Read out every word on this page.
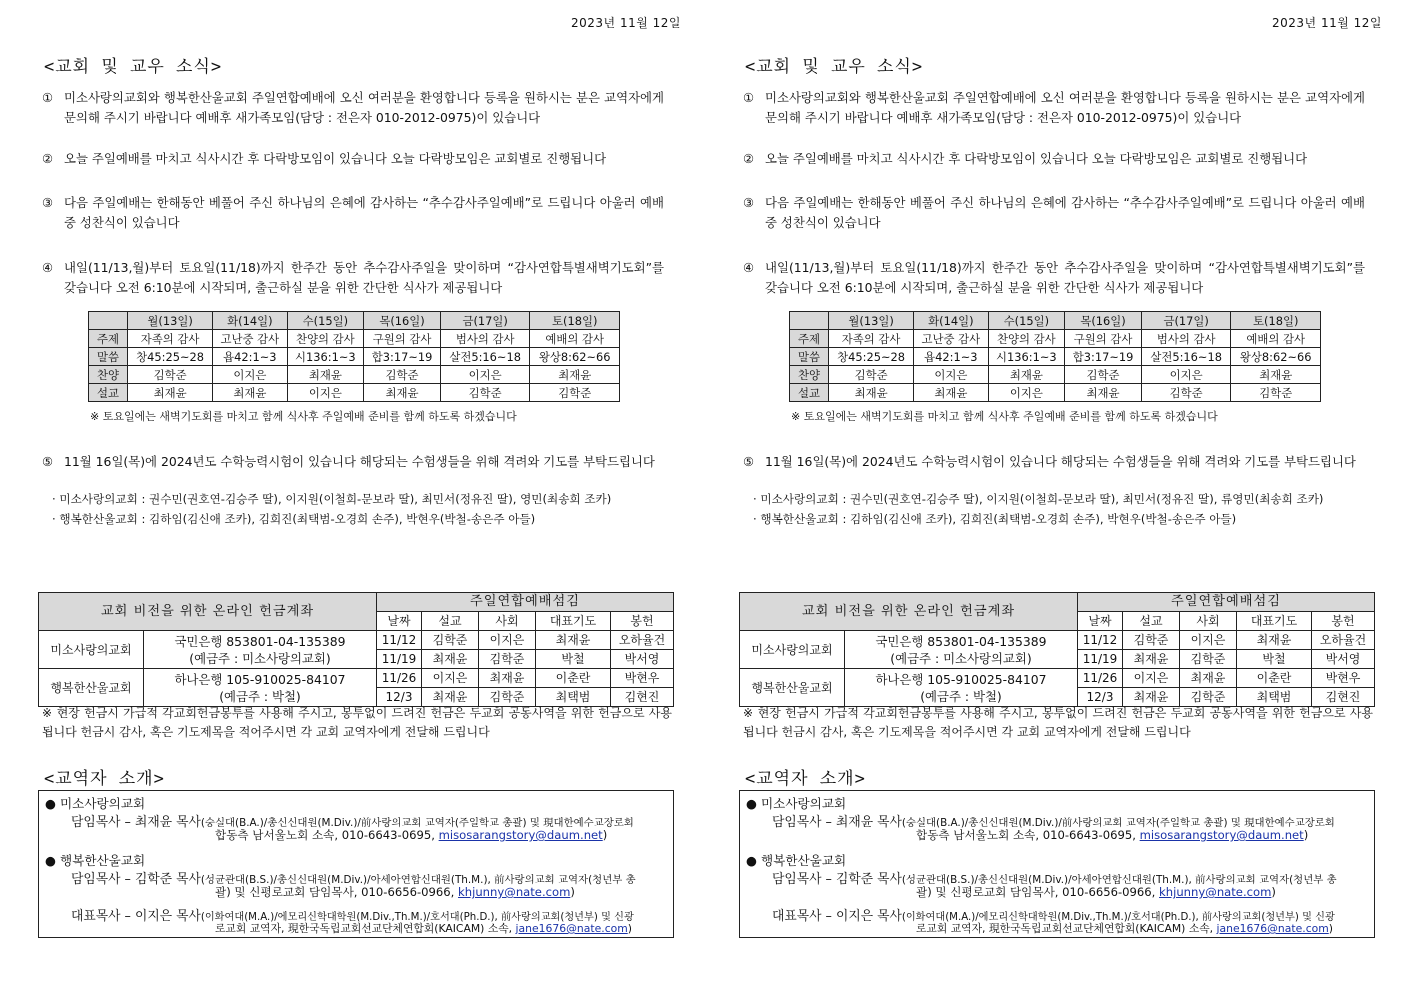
2023년 11월 12일
<교회 및 교우 소식>
① 미소사랑의교회와 행복한산울교회 주일연합예배에 오신 여러분을 환영합니다 등록을 원하시는 분은 교역자에게 문의해 주시기 바랍니다 예배후 새가족모임(담당 : 전은자 010-2012-0975)이 있습니다
② 오늘 주일예배를 마치고 식사시간 후 다락방모임이 있습니다 오늘 다락방모임은 교회별로 진행됩니다
③ 다음 주일예배는 한해동안 베풀어 주신 하나님의 은혜에 감사하는 “추수감사주일예배”로 드립니다 아울러 예배중 성찬식이 있습니다
④ 내일(11/13,월)부터 토요일(11/18)까지 한주간 동안 추수감사주일을 맞이하며 “감사연합특별새벽기도회”를 갖습니다 오전 6:10분에 시작되며, 출근하실 분을 위한 간단한 식사가 제공됩니다
	월(13일)	화(14일)	수(15일)	목(16일)	금(17일)	토(18일)
주제	자족의 감사	고난중 감사	찬양의 감사	구원의 감사	범사의 감사	예배의 감사
말씀	창45:25~28	욥42:1~3	시136:1~3	합3:17~19	살전5:16~18	왕상8:62~66
찬양	김학준	이지은	최재윤	김학준	이지은	최재윤
설교	최재윤	최재윤	이지은	최재윤	김학준	김학준
※ 토요일에는 새벽기도회를 마치고 함께 식사후 주일예배 준비를 함께 하도록 하겠습니다
⑤ 11월 16일(목)에 2024년도 수학능력시험이 있습니다 해당되는 수험생들을 위해 격려와 기도를 부탁드립니다
· 미소사랑의교회 : 권수민(권호연-김승주 딸), 이지원(이철희-문보라 딸), 최민서(정유진 딸), 영민(최송희 조카)
· 행복한산울교회 : 김하임(김신애 조카), 김희진(최택범-오경희 손주), 박현우(박철-송은주 아들)
교회 비전을 위한 온라인 헌금계좌		주일연합예배섬김				
		날짜	설교	사회	대표기도	봉헌
미소사랑의교회	국민은행 853801-04-135389
(예금주 : 미소사랑의교회)	11/12	김학준	이지은	최재윤	오하율건
		11/19	최재윤	김학준	박철	박서영
행복한산울교회	하나은행 105-910025-84107
(예금주 : 박철)	11/26	이지은	최재윤	이춘란	박현우
		12/3	최재윤	김학준	최택범	김현진
※ 현장 헌금시 가급적 각교회헌금봉투를 사용해 주시고, 봉투없이 드려진 헌금은 두교회 공동사역을 위한 헌금으로 사용됩니다 헌금시 감사, 혹은 기도제목을 적어주시면 각 교회 교역자에게 전달해 드립니다
<교역자 소개>
● 미소사랑의교회
담임목사 – 최재윤 목사(숭실대(B.A.)/총신신대원(M.Div.)/前사랑의교회 교역자(주일학교 총괄) 및 現대한예수교장로회
합동측 남서울노회 소속, 010-6643-0695, misosarangstory@daum.net)
● 행복한산울교회
담임목사 – 김학준 목사(성균관대(B.S.)/총신신대원(M.Div.)/아세아연합신대원(Th.M.), 前사랑의교회 교역자(청년부 총
괄) 및 신평로교회 담임목사, 010-6656-0966, khjunny@nate.com)
대표목사 – 이지은 목사(이화여대(M.A.)/에모리신학대학원(M.Div.,Th.M.)/호서대(Ph.D.), 前사랑의교회(청년부) 및 신광
로교회 교역자, 現한국독립교회선교단체연합회(KAICAM) 소속, jane1676@nate.com)
2023년 11월 12일
<교회 및 교우 소식>
① 미소사랑의교회와 행복한산울교회 주일연합예배에 오신 여러분을 환영합니다 등록을 원하시는 분은 교역자에게 문의해 주시기 바랍니다 예배후 새가족모임(담당 : 전은자 010-2012-0975)이 있습니다
② 오늘 주일예배를 마치고 식사시간 후 다락방모임이 있습니다 오늘 다락방모임은 교회별로 진행됩니다
③ 다음 주일예배는 한해동안 베풀어 주신 하나님의 은혜에 감사하는 “추수감사주일예배”로 드립니다 아울러 예배중 성찬식이 있습니다
④ 내일(11/13,월)부터 토요일(11/18)까지 한주간 동안 추수감사주일을 맞이하며 “감사연합특별새벽기도회”를 갖습니다 오전 6:10분에 시작되며, 출근하실 분을 위한 간단한 식사가 제공됩니다
	월(13일)	화(14일)	수(15일)	목(16일)	금(17일)	토(18일)
주제	자족의 감사	고난중 감사	찬양의 감사	구원의 감사	범사의 감사	예배의 감사
말씀	창45:25~28	욥42:1~3	시136:1~3	합3:17~19	살전5:16~18	왕상8:62~66
찬양	김학준	이지은	최재윤	김학준	이지은	최재윤
설교	최재윤	최재윤	이지은	최재윤	김학준	김학준
※ 토요일에는 새벽기도회를 마치고 함께 식사후 주일예배 준비를 함께 하도록 하겠습니다
⑤ 11월 16일(목)에 2024년도 수학능력시험이 있습니다 해당되는 수험생들을 위해 격려와 기도를 부탁드립니다
· 미소사랑의교회 : 권수민(권호연-김승주 딸), 이지원(이철희-문보라 딸), 최민서(정유진 딸), 류영민(최송희 조카)
· 행복한산울교회 : 김하임(김신애 조카), 김희진(최택범-오경희 손주), 박현우(박철-송은주 아들)
교회 비전을 위한 온라인 헌금계좌		주일연합예배섬김				
		날짜	설교	사회	대표기도	봉헌
미소사랑의교회	국민은행 853801-04-135389
(예금주 : 미소사랑의교회)	11/12	김학준	이지은	최재윤	오하율건
		11/19	최재윤	김학준	박철	박서영
행복한산울교회	하나은행 105-910025-84107
(예금주 : 박철)	11/26	이지은	최재윤	이춘란	박현우
		12/3	최재윤	김학준	최택범	김현진
※ 현장 헌금시 가급적 각교회헌금봉투를 사용해 주시고, 봉투없이 드려진 헌금은 두교회 공동사역을 위한 헌금으로 사용됩니다 헌금시 감사, 혹은 기도제목을 적어주시면 각 교회 교역자에게 전달해 드립니다
<교역자 소개>
● 미소사랑의교회
담임목사 – 최재윤 목사(숭실대(B.A.)/총신신대원(M.Div.)/前사랑의교회 교역자(주일학교 총괄) 및 現대한예수교장로회
합동측 남서울노회 소속, 010-6643-0695, misosarangstory@daum.net)
● 행복한산울교회
담임목사 – 김학준 목사(성균관대(B.S.)/총신신대원(M.Div.)/아세아연합신대원(Th.M.), 前사랑의교회 교역자(청년부 총
괄) 및 신평로교회 담임목사, 010-6656-0966, khjunny@nate.com)
대표목사 – 이지은 목사(이화여대(M.A.)/에모리신학대학원(M.Div.,Th.M.)/호서대(Ph.D.), 前사랑의교회(청년부) 및 신광
로교회 교역자, 現한국독립교회선교단체연합회(KAICAM) 소속, jane1676@nate.com)
